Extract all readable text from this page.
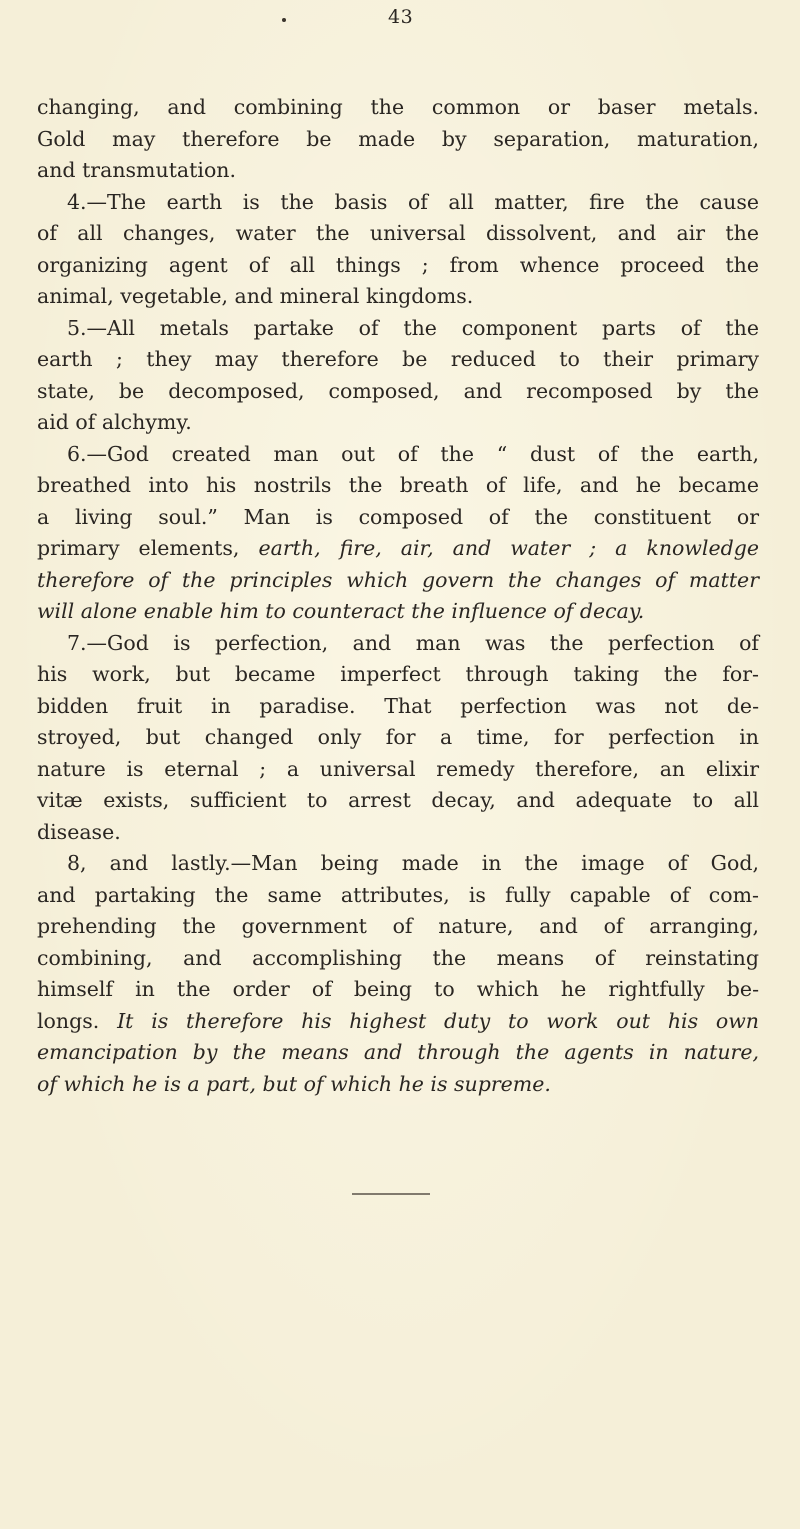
43
changing, and combining the common or baser metals.
Gold may therefore be made by separation, maturation,
and transmutation.
4.—The earth is the basis of all matter, fire the cause
of all changes, water the universal dissolvent, and air the
organizing agent of all things ; from whence proceed the
animal, vegetable, and mineral kingdoms.
5.—All metals partake of the component parts of the
earth ; they may therefore be reduced to their primary
state, be decomposed, composed, and recomposed by the
aid of alchymy.
6.—God created man out of the “ dust of the earth,
breathed into his nostrils the breath of life, and he became
a living soul.” Man is composed of the constituent or
primary elements, earth, fire, air, and water ; a knowledge
therefore of the principles which govern the changes of matter
will alone enable him to counteract the influence of decay.
7.—God is perfection, and man was the perfection of
his work, but became imperfect through taking the for-
bidden fruit in paradise. That perfection was not de-
stroyed, but changed only for a time, for perfection in
nature is eternal ; a universal remedy therefore, an elixir
vitæ exists, sufficient to arrest decay, and adequate to all
disease.
8, and lastly.—Man being made in the image of God,
and partaking the same attributes, is fully capable of com-
prehending the government of nature, and of arranging,
combining, and accomplishing the means of reinstating
himself in the order of being to which he rightfully be-
longs. It is therefore his highest duty to work out his own
emancipation by the means and through the agents in nature,
of which he is a part, but of which he is supreme.
